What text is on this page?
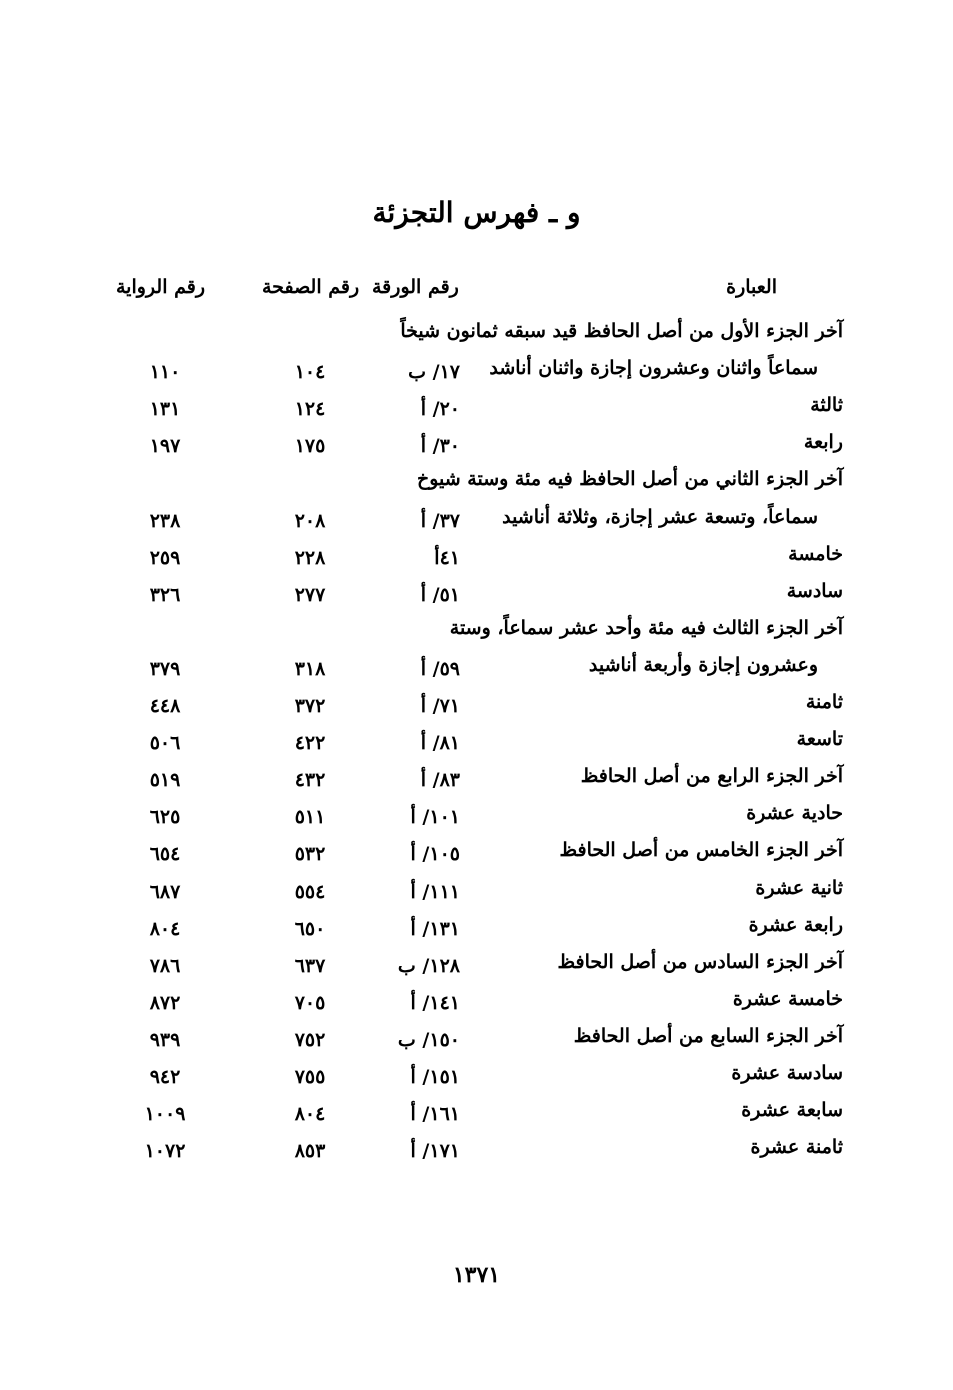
و ـ فهرس التجزئة
العبارة
رقم الورقة
رقم الصفحة
رقم الرواية
آخر الجزء الأول من أصل الحافظ قيد سبقه ثمانون شيخاً
سماعاً واثنان وعشرون إجازة واثنان أناشد
١٧/ ب
١٠٤
١١٠
ثالثة
٢٠/ أ
١٢٤
١٣١
رابعة
٣٠/ أ
١٧٥
١٩٧
آخر الجزء الثاني من أصل الحافظ فيه مئة وستة شيوخ
سماعاً، وتسعة عشر إجازة، وثلاثة أناشيد
٣٧/ أ
٢٠٨
٢٣٨
خامسة
٤١أ
٢٢٨
٢٥٩
سادسة
٥١/ أ
٢٧٧
٣٢٦
آخر الجزء الثالث فيه مئة وأحد عشر سماعاً، وستة
وعشرون إجازة وأربعة أناشيد
٥٩/ أ
٣١٨
٣٧٩
ثامنة
٧١/ أ
٣٧٢
٤٤٨
تاسعة
٨١/ أ
٤٢٢
٥٠٦
آخر الجزء الرابع من أصل الحافظ
٨٣/ أ
٤٣٢
٥١٩
حادية عشرة
١٠١/ أ
٥١١
٦٢٥
آخر الجزء الخامس من أصل الحافظ
١٠٥/ أ
٥٣٢
٦٥٤
ثانية عشرة
١١١/ أ
٥٥٤
٦٨٧
رابعة عشرة
١٣١/ أ
٦٥٠
٨٠٤
آخر الجزء السادس من أصل الحافظ
١٢٨/ ب
٦٣٧
٧٨٦
خامسة عشرة
١٤١/ أ
٧٠٥
٨٧٢
آخر الجزء السابع من أصل الحافظ
١٥٠/ ب
٧٥٢
٩٣٩
سادسة عشرة
١٥١/ أ
٧٥٥
٩٤٢
سابعة عشرة
١٦١/ أ
٨٠٤
١٠٠٩
ثامنة عشرة
١٧١/ أ
٨٥٣
١٠٧٢
١٣٧١
